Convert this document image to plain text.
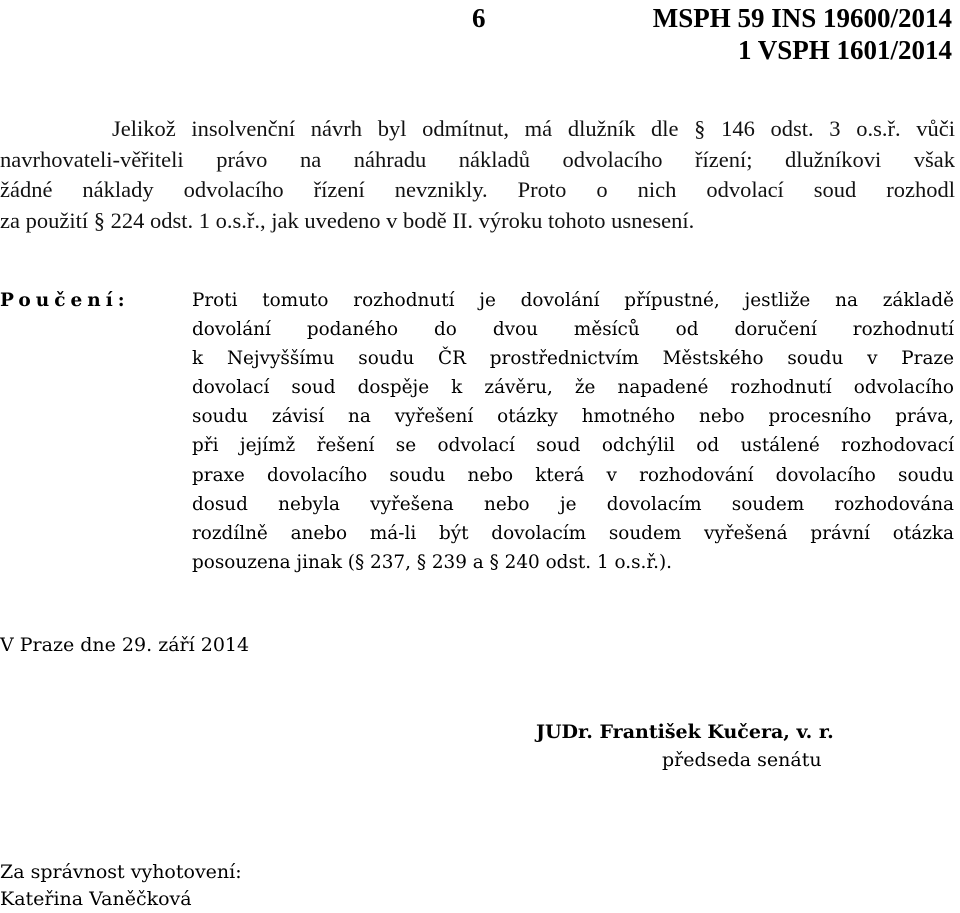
6	MSPH 59 INS 19600/2014
1 VSPH 1601/2014
Jelikož insolvenční návrh byl odmítnut, má dlužník dle § 146 odst. 3 o.s.ř. vůči
navrhovateli-věřiteli právo na náhradu nákladů odvolacího řízení; dlužníkovi však
žádné náklady odvolacího řízení nevznikly. Proto o nich odvolací soud rozhodl
za použití § 224 odst. 1 o.s.ř., jak uvedeno v bodě II. výroku tohoto usnesení.
Poučení:	Proti tomuto rozhodnutí je dovolání přípustné, jestliže na základě
dovolání podaného do dvou měsíců od doručení rozhodnutí
k Nejvyššímu soudu ČR prostřednictvím Městského soudu v Praze
dovolací soud dospěje k závěru, že napadené rozhodnutí odvolacího
soudu závisí na vyřešení otázky hmotného nebo procesního práva,
při jejímž řešení se odvolací soud odchýlil od ustálené rozhodovací
praxe dovolacího soudu nebo která v rozhodování dovolacího soudu
dosud nebyla vyřešena nebo je dovolacím soudem rozhodována
rozdílně anebo má-li být dovolacím soudem vyřešená právní otázka
posouzena jinak (§ 237, § 239 a § 240 odst. 1 o.s.ř.).
V Praze dne 29. září 2014
JUDr. František Kučera, v. r.
předseda senátu
Za správnost vyhotovení:
Kateřina Vaněčková
